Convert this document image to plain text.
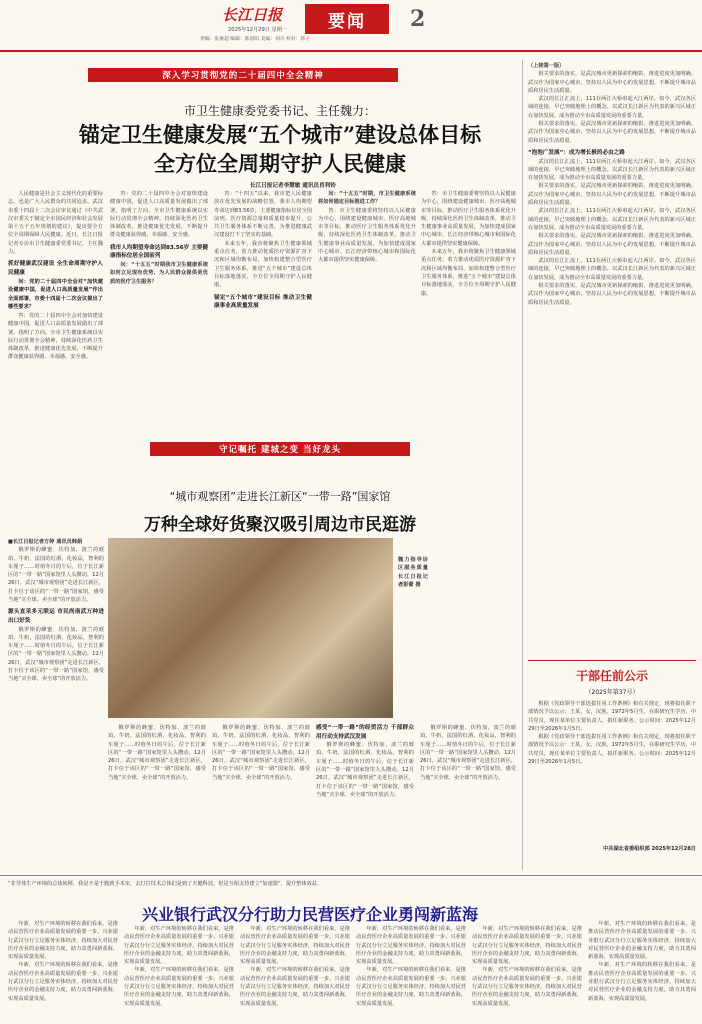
长江日报
2025年12月29日 星期一
责编：张俊超 编辑：陈晨阳 美编：刘卉 校对：韩子
要闻 2
深入学习贯彻党的二十届四中全会精神
市卫生健康委党委书记、主任魏力：
锚定卫生健康发展“五个城市”建设总体目标
全方位全周期守护人民健康
长江日报记者李慧敏 通讯员肖利铃

人民健康是社会主义现代化的重要标志，也是广大人民群众的共同追求。武汉市委十四届十二次会议审议通过《中共武汉市委关于制定全市国民经济和社会发展第十五个五年规划的建议》，提出要全方位全周期保障人民健康。近日，长江日报记者专访市卫生健康委党委书记、主任魏力。

抓好健康武汉建设 全生命周期守护人民健康

问：党的二十届四中全会对“加快建设健康中国，促进人口高质量发展”作出全面部署，市委十四届十二次会议提出了哪些要求？

答：党的二十届四中全会对加快建设健康中国，促进人口高质量发展做出了部署，指明了方向。全市卫生健康系统以实际行动贯彻全会精神，持续深化医药卫生体制改革，推进健康优先发展，不断提升群众健康获得感、幸福感、安全感。

答：党的二十届四中全会对加快建设健康中国，促进人口高质量发展做出了部署，指明了方向。全市卫生健康系统以实际行动贯彻全会精神，持续深化医药卫生体制改革，推进健康优先发展，不断提升群众健康获得感、幸福感、安全感。

我市人均期望寿命达到83.56岁 主要健康指标位居全国前列

问：“十五五”时期我市卫生健康系统如何立足现有优势，为人民群众提供更优质的医疗卫生服务？

答：“十四五”以来，我市把人民健康放在优先发展的战略位置，我市人均期望寿命达到83.56岁，主要健康指标位居全国前列，医疗资源总量和质量稳步提升，公共卫生服务体系不断完善，为推进健康武汉建设打下了坚实的基础。

未来五年，我市将聚焦卫生健康领域重点任务，着力推动优质医疗资源扩容下沉和区域均衡布局，加快构建整合型医疗卫生服务体系，推进“五个城市”建设总体目标落地落实，全方位全周期守护人民健康。

锚定“五个城市”建设目标 推动卫生健康事业高质量发展

问：“十五五”时期，市卫生健康系统将如何锚定目标推进工作？

答：市卫生健康委将坚持以人民健康为中心，围绕建设健康城市、医疗高地城市等目标，推动医疗卫生服务体系优化升级，持续深化医药卫生体制改革，推动卫生健康事业高质量发展，为加快建成国家中心城市、长江经济带核心城市和国际化大都市提供坚实健康保障。

答：市卫生健康委将坚持以人民健康为中心，围绕建设健康城市、医疗高地城市等目标，推动医疗卫生服务体系优化升级，持续深化医药卫生体制改革，推动卫生健康事业高质量发展，为加快建成国家中心城市、长江经济带核心城市和国际化大都市提供坚实健康保障。

未来五年，我市将聚焦卫生健康领域重点任务，着力推动优质医疗资源扩容下沉和区域均衡布局，加快构建整合型医疗卫生服务体系，推进“五个城市”建设总体目标落地落实，全方位全周期守护人民健康。

守记嘱托 建城之变 当好龙头
“城市观察团”走进长江新区“一带一路”国家馆
万种全球好货聚汉吸引周边市民逛游

■长江日报记者方婷 通讯员韩娟

俄罗斯的蜂蜜、伏特加，波兰的琥珀、牛奶，法国的红酒、化妆品，智利的车厘子……时值冬日的午后，位于长江新区的“一带一路”国家馆里人头攒动。12月26日，武汉“城市观察团”走进长江新区，打卡位于该区的“一带一路”国家馆，感受当地“买全球、卖全球”的开放活力。

源头直采多元联运 市民尚南武万种进出口好货

俄罗斯的蜂蜜、伏特加，波兰的琥珀、牛奶，法国的红酒、化妆品，智利的车厘子……时值冬日的午后，位于长江新区的“一带一路”国家馆里人头攒动。12月26日，武汉“城市观察团”走进长江新区，打卡位于该区的“一带一路”国家馆，感受当地“买全球、卖全球”的开放活力。

魏力指导诊区服务质量 长江日报记者彭蕾 摄

俄罗斯的蜂蜜、伏特加，波兰的琥珀、牛奶，法国的红酒、化妆品，智利的车厘子……时值冬日的午后，位于长江新区的“一带一路”国家馆里人头攒动。12月26日，武汉“城市观察团”走进长江新区，打卡位于该区的“一带一路”国家馆，感受当地“买全球、卖全球”的开放活力。

俄罗斯的蜂蜜、伏特加，波兰的琥珀、牛奶，法国的红酒、化妆品，智利的车厘子……时值冬日的午后，位于长江新区的“一带一路”国家馆里人头攒动。12月26日，武汉“城市观察团”走进长江新区，打卡位于该区的“一带一路”国家馆，感受当地“买全球、卖全球”的开放活力。

感受“一带一路”的经贸活力 千部群众用行动支持武汉发展

俄罗斯的蜂蜜、伏特加，波兰的琥珀、牛奶，法国的红酒、化妆品，智利的车厘子……时值冬日的午后，位于长江新区的“一带一路”国家馆里人头攒动。12月26日，武汉“城市观察团”走进长江新区，打卡位于该区的“一带一路”国家馆，感受当地“买全球、卖全球”的开放活力。

俄罗斯的蜂蜜、伏特加，波兰的琥珀、牛奶，法国的红酒、化妆品，智利的车厘子……时值冬日的午后，位于长江新区的“一带一路”国家馆里人头攒动。12月26日，武汉“城市观察团”走进长江新区，打卡位于该区的“一带一路”国家馆，感受当地“买全球、卖全球”的开放活力。

（上接第一版）

相关要求的落实，是武汉城市更新探索的缩影，推进进度更加明确。武汉作为国家中心城市，坚持以人民为中心的发展思想，不断提升城市品质和居民生活质量。

武汉的长江汇流上，111在两江大桥串起大江两岸。如今，武汉各区域的连接，早已突破地理上的概念。以武汉长江新区为代表的新兴区域正在加快发展，成为推动全市高质量发展的重要力量。

相关要求的落实，是武汉城市更新探索的缩影，推进进度更加明确。武汉作为国家中心城市，坚持以人民为中心的发展思想，不断提升城市品质和居民生活质量。

“泡泡广发展”：成为增长极的必由之路

武汉的长江汇流上，111在两江大桥串起大江两岸。如今，武汉各区域的连接，早已突破地理上的概念。以武汉长江新区为代表的新兴区域正在加快发展，成为推动全市高质量发展的重要力量。

相关要求的落实，是武汉城市更新探索的缩影，推进进度更加明确。武汉作为国家中心城市，坚持以人民为中心的发展思想，不断提升城市品质和居民生活质量。

武汉的长江汇流上，111在两江大桥串起大江两岸。如今，武汉各区域的连接，早已突破地理上的概念。以武汉长江新区为代表的新兴区域正在加快发展，成为推动全市高质量发展的重要力量。

相关要求的落实，是武汉城市更新探索的缩影，推进进度更加明确。武汉作为国家中心城市，坚持以人民为中心的发展思想，不断提升城市品质和居民生活质量。

武汉的长江汇流上，111在两江大桥串起大江两岸。如今，武汉各区域的连接，早已突破地理上的概念。以武汉长江新区为代表的新兴区域正在加快发展，成为推动全市高质量发展的重要力量。

相关要求的落实，是武汉城市更新探索的缩影，推进进度更加明确。武汉作为国家中心城市，坚持以人民为中心的发展思想，不断提升城市品质和居民生活质量。

干部任前公示
（2025年第37号）

根据《党政领导干部选拔任用工作条例》和有关规定，现将拟任职干部情况予以公示：王某，女，汉族，1972年5月生，在职研究生学历，中共党员，现任某单位主要负责人，拟任新职务。公示时间：2025年12月29日至2026年1月5日。

根据《党政领导干部选拔任用工作条例》和有关规定，现将拟任职干部情况予以公示：王某，女，汉族，1972年5月生，在职研究生学历，中共党员，现任某单位主要负责人，拟任新职务。公示时间：2025年12月29日至2026年1月5日。

中共湖北省委组织部 2025年12月28日
“非导体生产环境的总体转移，我是不是干脆到手术室，去打打技术总体们是到了天健科技，但是互相支持建立“加速器”，提升整体效益。
兴业银行武汉分行助力民营医疗企业勇闯新蓝海

年新，对生产环境的转移在我们看来，是推动民营医疗企业高质量发展的重要一步。兴业银行武汉分行立足服务实体经济，持续加大对民营医疗企业的金融支持力度，助力其勇闯新蓝海，实现高质量发展。

年新，对生产环境的转移在我们看来，是推动民营医疗企业高质量发展的重要一步。兴业银行武汉分行立足服务实体经济，持续加大对民营医疗企业的金融支持力度，助力其勇闯新蓝海，实现高质量发展。

年新，对生产环境的转移在我们看来，是推动民营医疗企业高质量发展的重要一步。兴业银行武汉分行立足服务实体经济，持续加大对民营医疗企业的金融支持力度，助力其勇闯新蓝海，实现高质量发展。

年新，对生产环境的转移在我们看来，是推动民营医疗企业高质量发展的重要一步。兴业银行武汉分行立足服务实体经济，持续加大对民营医疗企业的金融支持力度，助力其勇闯新蓝海，实现高质量发展。

年新，对生产环境的转移在我们看来，是推动民营医疗企业高质量发展的重要一步。兴业银行武汉分行立足服务实体经济，持续加大对民营医疗企业的金融支持力度，助力其勇闯新蓝海，实现高质量发展。

年新，对生产环境的转移在我们看来，是推动民营医疗企业高质量发展的重要一步。兴业银行武汉分行立足服务实体经济，持续加大对民营医疗企业的金融支持力度，助力其勇闯新蓝海，实现高质量发展。

年新，对生产环境的转移在我们看来，是推动民营医疗企业高质量发展的重要一步。兴业银行武汉分行立足服务实体经济，持续加大对民营医疗企业的金融支持力度，助力其勇闯新蓝海，实现高质量发展。

年新，对生产环境的转移在我们看来，是推动民营医疗企业高质量发展的重要一步。兴业银行武汉分行立足服务实体经济，持续加大对民营医疗企业的金融支持力度，助力其勇闯新蓝海，实现高质量发展。

年新，对生产环境的转移在我们看来，是推动民营医疗企业高质量发展的重要一步。兴业银行武汉分行立足服务实体经济，持续加大对民营医疗企业的金融支持力度，助力其勇闯新蓝海，实现高质量发展。

年新，对生产环境的转移在我们看来，是推动民营医疗企业高质量发展的重要一步。兴业银行武汉分行立足服务实体经济，持续加大对民营医疗企业的金融支持力度，助力其勇闯新蓝海，实现高质量发展。

年新，对生产环境的转移在我们看来，是推动民营医疗企业高质量发展的重要一步。兴业银行武汉分行立足服务实体经济，持续加大对民营医疗企业的金融支持力度，助力其勇闯新蓝海，实现高质量发展。

年新，对生产环境的转移在我们看来，是推动民营医疗企业高质量发展的重要一步。兴业银行武汉分行立足服务实体经济，持续加大对民营医疗企业的金融支持力度，助力其勇闯新蓝海，实现高质量发展。
